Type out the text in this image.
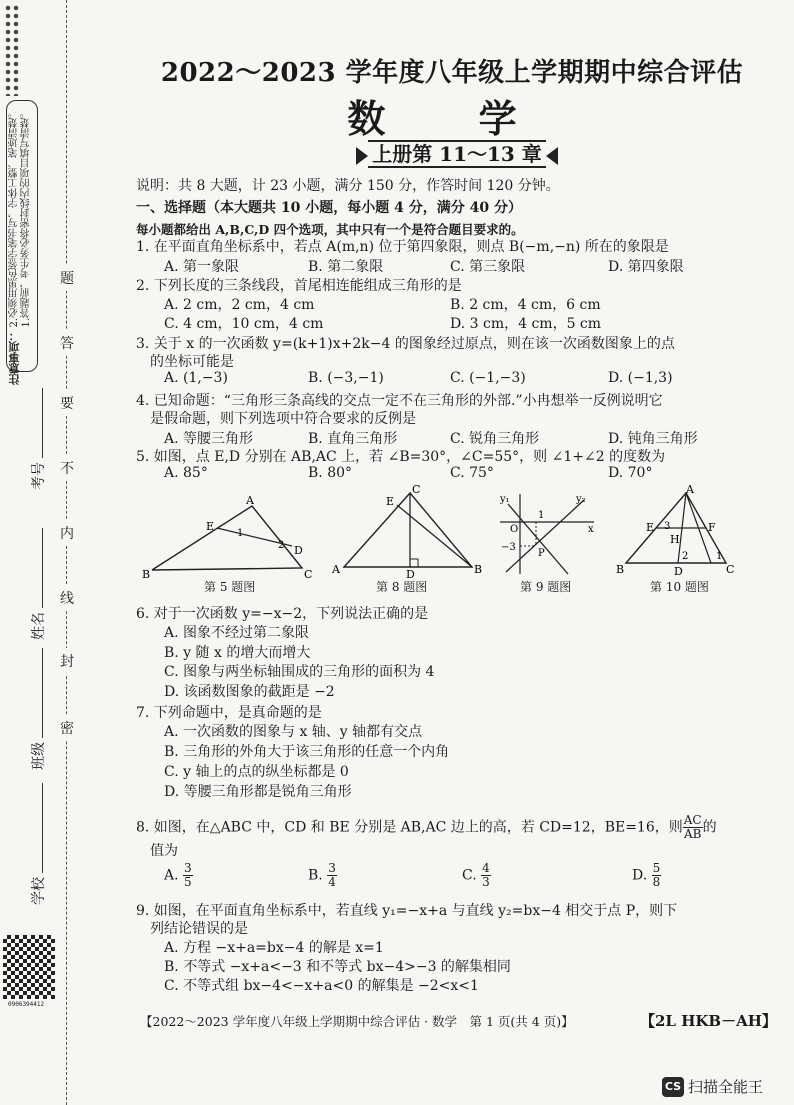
注意事项：
1.答题前，考生务必将密封线内的项目填写清楚。
2.必须用黑色签字笔书写，字体工整、笔迹清楚。	题
答
要
不
内
线
封
密
考号
姓名
班级
学校
0906394412
2022～2023 学年度八年级上学期期中综合评估
数 学
上册第 11～13 章
说明：共 8 大题，计 23 小题，满分 150 分，作答时间 120 分钟。
一、选择题（本大题共 10 小题，每小题 4 分，满分 40 分）
每小题都给出 A,B,C,D 四个选项，其中只有一个是符合题目要求的。
1. 在平面直角坐标系中，若点 A(m,n) 位于第四象限，则点 B(−m,−n) 所在的象限是
A. 第一象限	B. 第二象限	C. 第三象限	D. 第四象限
2. 下列长度的三条线段，首尾相连能组成三角形的是
A. 2 cm，2 cm，4 cm	B. 2 cm，4 cm，6 cm
C. 4 cm，10 cm，4 cm	D. 3 cm，4 cm，5 cm
3. 关于 x 的一次函数 y=(k+1)x+2k−4 的图象经过原点，则在该一次函数图象上的点
的坐标可能是
A. (1,−3)	B. (−3,−1)	C. (−1,−3)	D. (−1,3)
4. 已知命题：“三角形三条高线的交点一定不在三角形的外部.”小冉想举一反例说明它
是假命题，则下列选项中符合要求的反例是
A. 等腰三角形	B. 直角三角形	C. 锐角三角形	D. 钝角三角形
5. 如图，点 E,D 分别在 AB,AC 上，若 ∠B=30°，∠C=55°，则 ∠1+∠2 的度数为
A. 85°	B. 80°	C. 75°	D. 70°
A
E
1
2 D
B	C
第 5 题图
C
E
A	D	B
第 8 题图
y₁	y₂
O
1
x
−3
P
第 9 题图
A
E 3
H
F
2	1
B	D	C
第 10 题图
6. 对于一次函数 y=−x−2，下列说法正确的是
A. 图象不经过第二象限
B. y 随 x 的增大而增大
C. 图象与两坐标轴围成的三角形的面积为 4
D. 该函数图象的截距是 −2
7. 下列命题中，是真命题的是
A. 一次函数的图象与 x 轴、y 轴都有交点
B. 三角形的外角大于该三角形的任意一个内角
C. y 轴上的点的纵坐标都是 0
D. 等腰三角形都是锐角三角形
8. 如图，在△ABC 中，CD 和 BE 分别是 AB,AC 边上的高，若 CD=12，BE=16，则 $\frac{AC}{AB}$ 的
值为
A. $\frac{3}{5}$	B. $\frac{3}{4}$	C. $\frac{4}{3}$	D. $\frac{5}{8}$
9. 如图，在平面直角坐标系中，若直线 y₁=−x+a 与直线 y₂=bx−4 相交于点 P，则下
列结论错误的是
A. 方程 −x+a=bx−4 的解是 x=1
B. 不等式 −x+a<−3 和不等式 bx−4>−3 的解集相同
C. 不等式组 bx−4<−x+a<0 的解集是 −2<x<1
【2022～2023 学年度八年级上学期期中综合评估 · 数学　第 1 页(共 4 页)】	【2L HKB－AH】
CS 扫描全能王
